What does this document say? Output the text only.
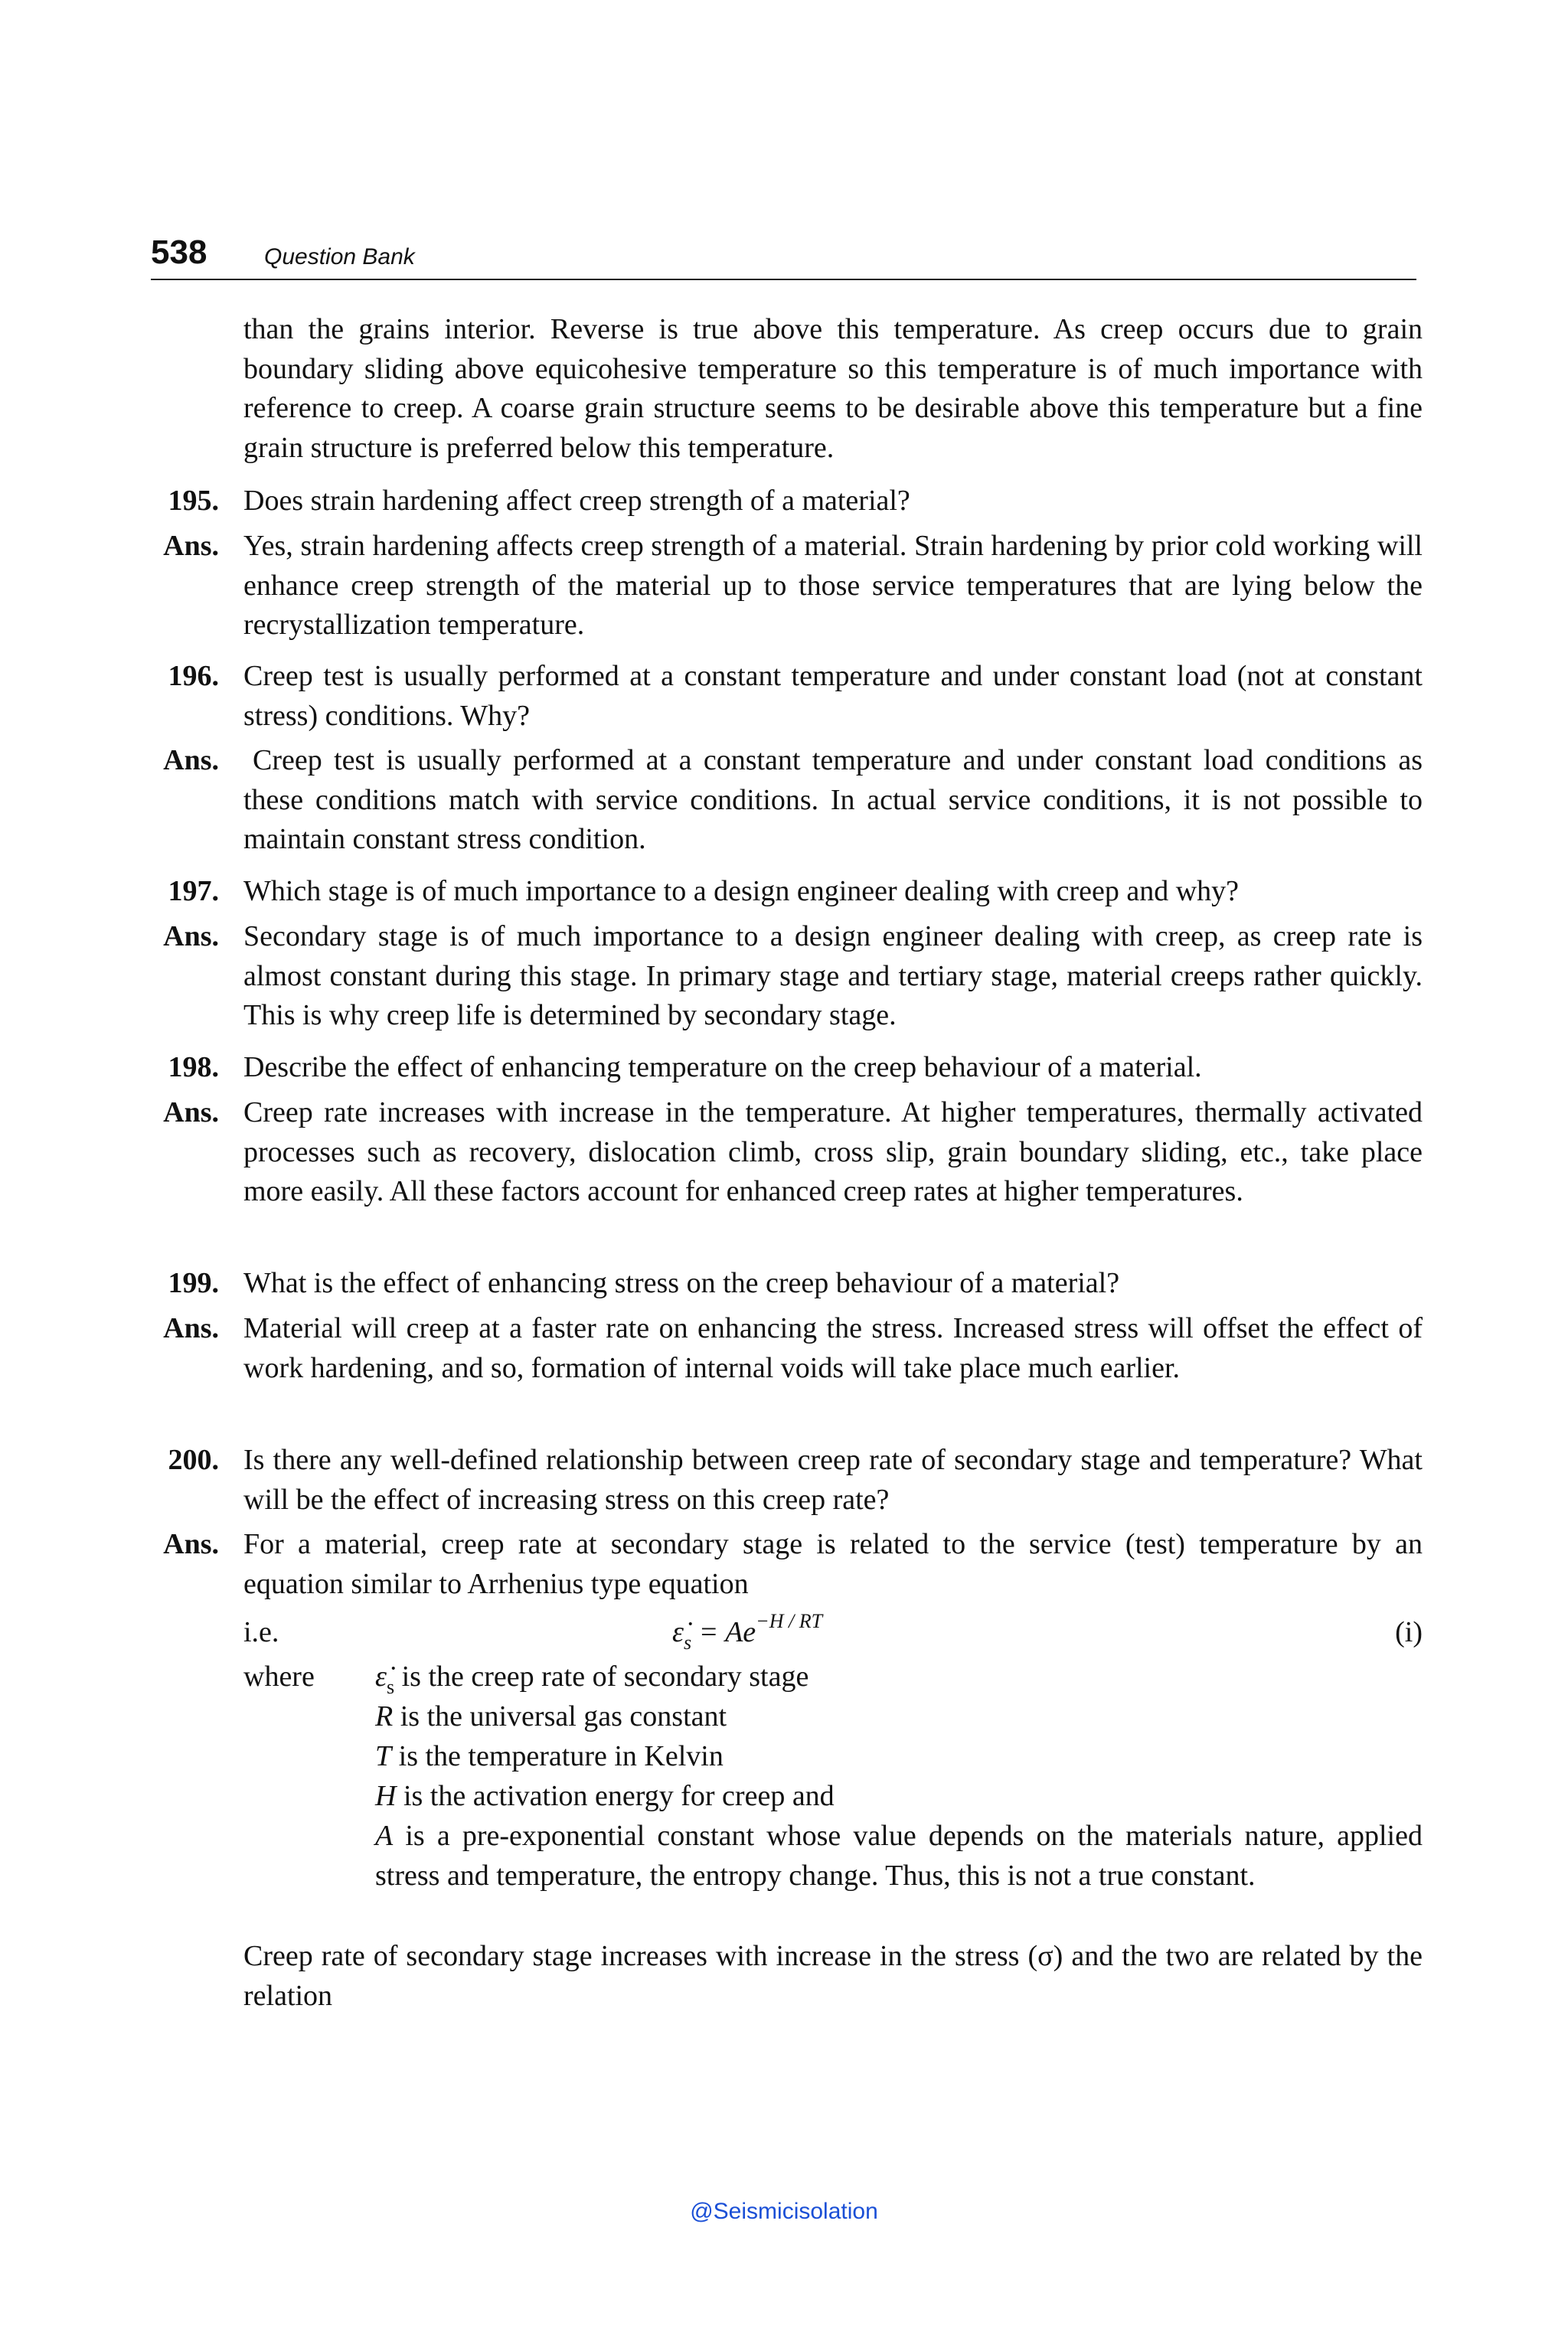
538 Question Bank

than the grains interior. Reverse is true above this temperature. As creep occurs due to grain boundary sliding above equicohesive temperature so this temperature is of much importance with reference to creep. A coarse grain structure seems to be desirable above this temperature but a fine grain structure is preferred below this temperature.

195. Does strain hardening affect creep strength of a material?

Ans. Yes, strain hardening affects creep strength of a material. Strain hardening by prior cold working will enhance creep strength of the material up to those service temperatures that are lying below the recrystallization temperature.

196. Creep test is usually performed at a constant temperature and under constant load (not at constant stress) conditions. Why?

Ans.	Creep test is usually performed at a constant temperature and under constant load conditions as these conditions match with service conditions. In actual service conditions, it is not possible to maintain constant stress condition.

197. Which stage is of much importance to a design engineer dealing with creep and why?

Ans. Secondary stage is of much importance to a design engineer dealing with creep, as creep rate is almost constant during this stage. In primary stage and tertiary stage, material creeps rather quickly. This is why creep life is determined by secondary stage.

198. Describe the effect of enhancing temperature on the creep behaviour of a material.

Ans. Creep rate increases with increase in the temperature. At higher temperatures, thermally activated processes such as recovery, dislocation climb, cross slip, grain boundary sliding, etc., take place more easily. All these factors account for enhanced creep rates at higher temperatures.

199. What is the effect of enhancing stress on the creep behaviour of a material?

Ans. Material will creep at a faster rate on enhancing the stress. Increased stress will offset the effect of work hardening, and so, formation of internal voids will take place much earlier.

200. Is there any well-defined relationship between creep rate of secondary stage and temperature? What will be the effect of increasing stress on this creep rate?

Ans. For a material, creep rate at secondary stage is related to the service (test) temperature by an equation similar to Arrhenius type equation

i.e.	$\varepsiloṅ_s = Ae^{-H / RT}$	(i)
where $\varepsiloṅ_s$ is the creep rate of secondary stage

R is the universal gas constant

T is the temperature in Kelvin

H is the activation energy for creep and

A is a pre-exponential constant whose value depends on the materials nature, applied stress and temperature, the entropy change. Thus, this is not a true constant.

Creep rate of secondary stage increases with increase in the stress (σ) and the two are related by the relation

@Seismicisolation
